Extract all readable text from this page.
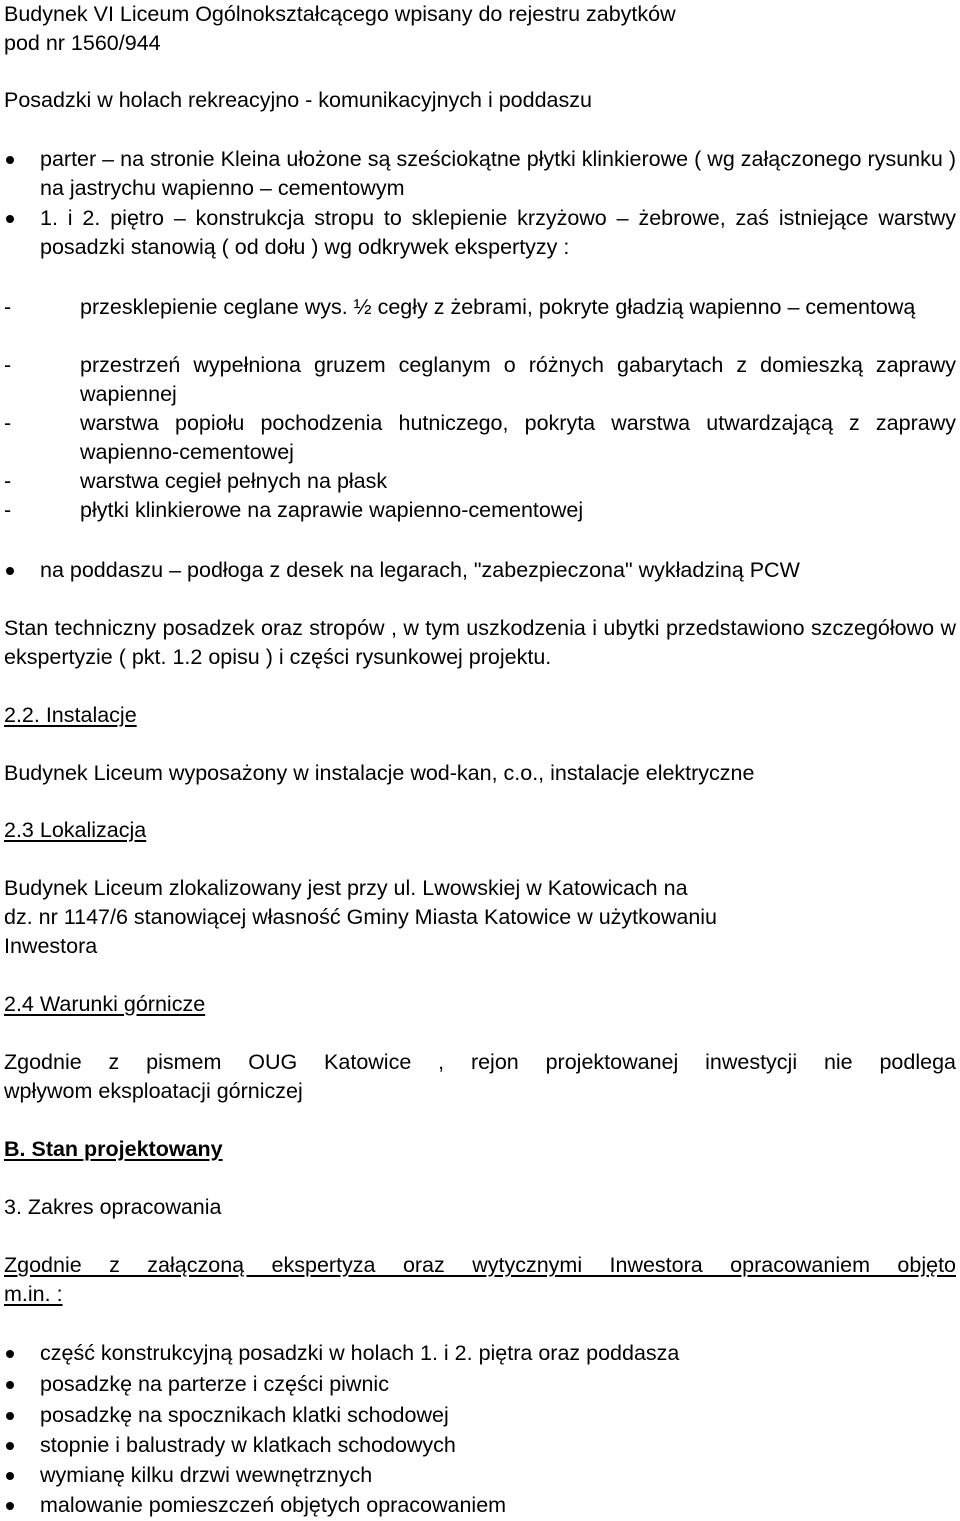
Budynek VI Liceum Ogólnokształcącego wpisany do rejestru zabytków
pod nr 1560/944
Posadzki w holach rekreacyjno - komunikacyjnych i poddaszu
parter – na stronie Kleina ułożone są sześciokątne płytki klinkierowe ( wg załączonego rysunku ) na jastrychu wapienno – cementowym
1. i 2. piętro – konstrukcja stropu to sklepienie krzyżowo – żebrowe, zaś istniejące warstwy posadzki stanowią ( od dołu ) wg odkrywek ekspertyzy :
-	przesklepienie ceglane wys. ½ cegły z żebrami, pokryte gładzią wapienno – cementową
-	przestrzeń wypełniona gruzem ceglanym o różnych gabarytach z domieszką zaprawy wapiennej
-	warstwa popiołu pochodzenia hutniczego, pokryta warstwa utwardzającą z zaprawy wapienno-cementowej
-	warstwa cegieł pełnych na płask
-	płytki klinkierowe na zaprawie wapienno-cementowej
na poddaszu – podłoga z desek na legarach, "zabezpieczona" wykładziną PCW
Stan techniczny posadzek oraz stropów , w tym uszkodzenia i ubytki przedstawiono szczegółowo w ekspertyzie ( pkt. 1.2 opisu ) i części rysunkowej projektu.
2.2. Instalacje
Budynek Liceum wyposażony w instalacje wod-kan, c.o., instalacje elektryczne
2.3 Lokalizacja
Budynek Liceum zlokalizowany jest przy ul. Lwowskiej w Katowicach na
dz. nr 1147/6 stanowiącej własność Gminy Miasta Katowice w użytkowaniu
Inwestora
2.4 Warunki górnicze
Zgodnie z pismem OUG Katowice , rejon projektowanej inwestycji nie podlega
wpływom eksploatacji górniczej
B. Stan projektowany
3. Zakres opracowania
Zgodnie z załączoną ekspertyza oraz wytycznymi Inwestora opracowaniem objęto
m.in. :
część konstrukcyjną posadzki w holach 1. i 2. piętra oraz poddasza
posadzkę na parterze i części piwnic
posadzkę na spocznikach klatki schodowej
stopnie i balustrady w klatkach schodowych
wymianę kilku drzwi wewnętrznych
malowanie pomieszczeń objętych opracowaniem
